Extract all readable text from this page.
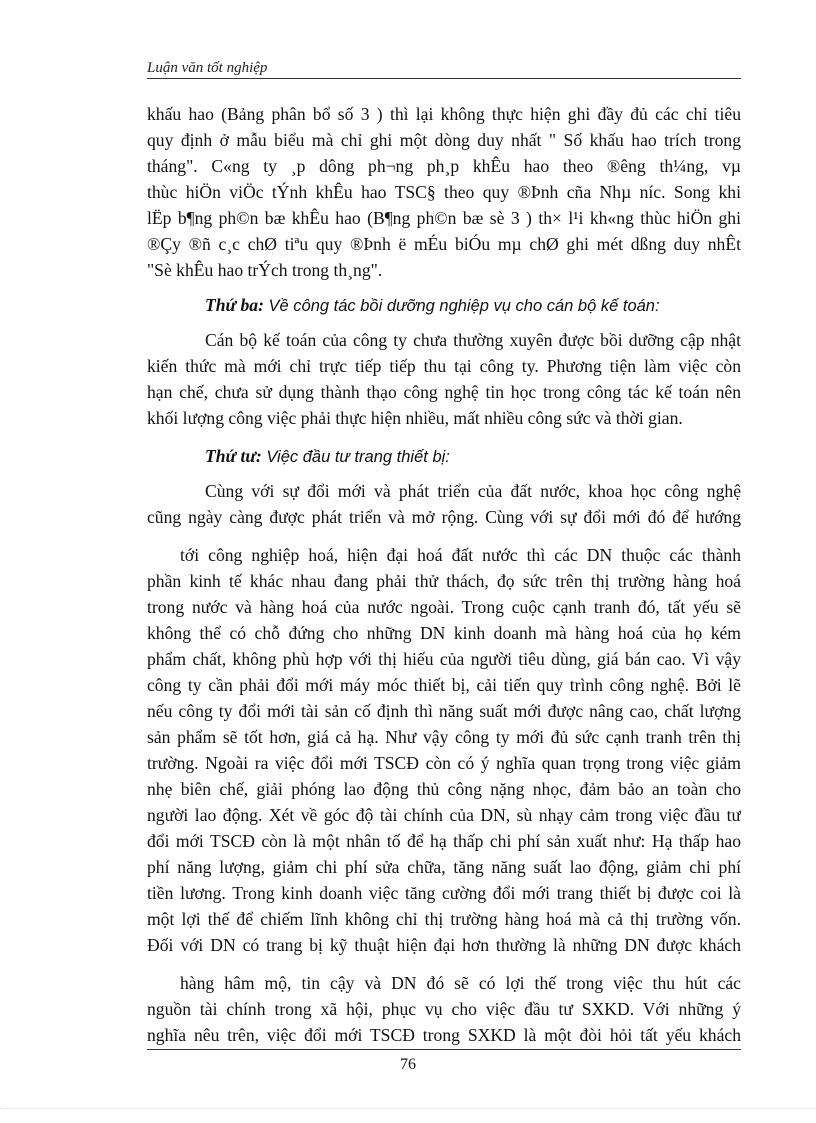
Luận văn tốt nghiệp
khấu hao (Bảng phân bổ số 3 ) thì lại không thực hiện ghi đầy đủ các chỉ tiêu
quy định ở mẫu biểu mà chỉ ghi một dòng duy nhất " Số khấu hao trích trong
tháng". C«ng ty ¸p dông ph¬ng ph¸p khÊu hao theo ®êng th¼ng, vµ
thùc hiÖn viÖc tÝnh khÊu hao TSC§ theo quy ®Þnh cña Nhµ níc. Song khi
lËp b¶ng ph©n bæ khÊu hao (B¶ng ph©n bæ sè 3 ) th× l¹i kh«ng thùc hiÖn ghi
®Çy ®ñ c¸c chØ tiªu quy ®Þnh ë mÉu biÓu mµ chØ ghi mét dßng duy nhÊt
"Sè khÊu hao trÝch trong th¸ng".
Thứ ba: Về công tác bồi dưỡng nghiệp vụ cho cán bộ kế toán:
Cán bộ kế toán của công ty chưa thường xuyên được bồi dưỡng cập nhật
kiến thức mà mới chỉ trực tiếp tiếp thu tại công ty. Phương tiện làm việc còn
hạn chế, chưa sử dụng thành thạo công nghệ tin học trong công tác kế toán nên
khối lượng công việc phải thực hiện nhiều, mất nhiều công sức và thời gian.
Thứ tư: Việc đầu tư trang thiết bị:
Cùng với sự đổi mới và phát triển của đất nước, khoa học công nghệ
cũng ngày càng được phát triển và mở rộng. Cùng với sự đổi mới đó để hướng
tới công nghiệp hoá, hiện đại hoá đất nước thì các DN thuộc các thành
phần kinh tế khác nhau đang phải thử thách, đọ sức trên thị trường hàng hoá
trong nước và hàng hoá của nước ngoài. Trong cuộc cạnh tranh đó, tất yếu sẽ
không thể có chỗ đứng cho những DN kinh doanh mà hàng hoá của họ kém
phẩm chất, không phù hợp với thị hiếu của người tiêu dùng, giá bán cao. Vì vậy
công ty cần phải đổi mới máy móc thiết bị, cải tiến quy trình công nghệ. Bởi lẽ
nếu công ty đổi mới tài sản cố định thì năng suất mới được nâng cao, chất lượng
sản phẩm sẽ tốt hơn, giá cả hạ. Như vậy công ty mới đủ sức cạnh tranh trên thị
trường. Ngoài ra việc đổi mới TSCĐ còn có ý nghĩa quan trọng trong việc giảm
nhẹ biên chế, giải phóng lao động thủ công nặng nhọc, đảm bảo an toàn cho
người lao động. Xét về góc độ tài chính của DN, sù nhạy cảm trong việc đầu tư
đổi mới TSCĐ còn là một nhân tố để hạ thấp chi phí sản xuất như: Hạ thấp hao
phí năng lượng, giảm chi phí sửa chữa, tăng năng suất lao động, giảm chi phí
tiền lương. Trong kinh doanh việc tăng cường đổi mới trang thiết bị được coi là
một lợi thế để chiếm lĩnh không chỉ thị trường hàng hoá mà cả thị trường vốn.
Đối với DN có trang bị kỹ thuật hiện đại hơn thường là những DN được khách
hàng hâm mộ, tin cậy và DN đó sẽ có lợi thế trong việc thu hút các
nguồn tài chính trong xã hội, phục vụ cho việc đầu tư SXKD. Với những ý
nghĩa nêu trên, việc đổi mới TSCĐ trong SXKD là một đòi hỏi tất yếu khách
76
